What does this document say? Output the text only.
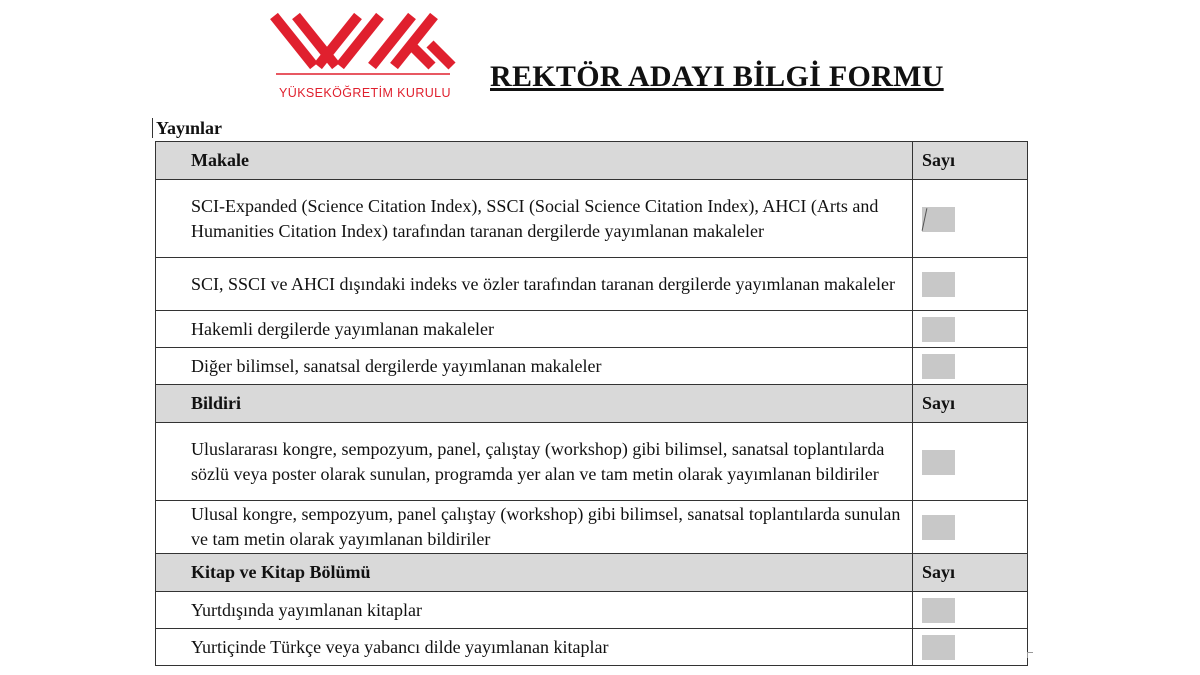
YÜKSEKÖĞRETİM KURULU	REKTÖR ADAYI BİLGİ FORMU
Yayınlar
Makale	Sayı
SCI-Expanded (Science Citation Index), SSCI (Social Science Citation Index), AHCI (Arts and Humanities Citation Index) tarafından taranan dergilerde yayımlanan makaleler	

SCI, SSCI ve AHCI dışındaki indeks ve özler tarafından taranan dergilerde yayımlanan makaleler	
Hakemli dergilerde yayımlanan makaleler	
Diğer bilimsel, sanatsal dergilerde yayımlanan makaleler	
Bildiri	Sayı
Uluslararası kongre, sempozyum, panel, çalıştay (workshop) gibi bilimsel, sanatsal toplantılarda sözlü veya poster olarak sunulan, programda yer alan ve tam metin olarak yayımlanan bildiriler	
Ulusal kongre, sempozyum, panel çalıştay (workshop) gibi bilimsel, sanatsal toplantılarda sunulan ve tam metin olarak yayımlanan bildiriler	
Kitap ve Kitap Bölümü	Sayı
Yurtdışında yayımlanan kitaplar	
Yurtiçinde Türkçe veya yabancı dilde yayımlanan kitaplar	
